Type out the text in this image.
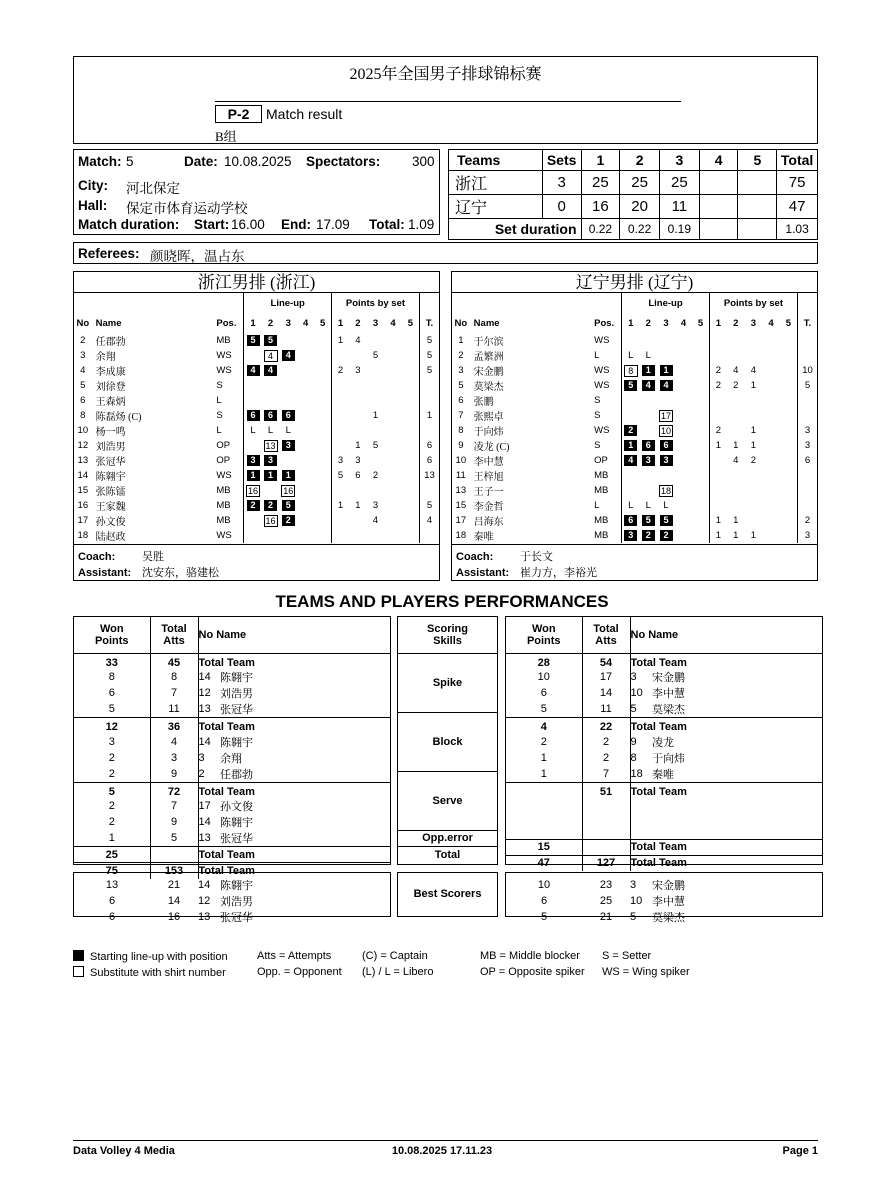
2025年全国男子排球锦标赛
P-2	Match result
B组
Match: 5	Date: 10.08.2025 Spectators: 300
City: 河北保定
Hall: 保定市体育运动学校
Match duration: Start: 16.00 End: 17.09 Total: 1.09
Teams	Sets	1	2	3	4	5	Total
浙江	3	25	25	25			75
辽宁	0	16	20	11			47
Set duration		0.22	0.22	0.19			1.03
Referees: 颜晓晖，温占东
浙江男排 (浙江)
			Line-up					Points by set					
No	Name	Pos.	1	2	3	4	5	1	2	3	4	5	T.
2	任郡勃	MB	5	5				1	4				5
3	余翔	WS		4	4					5			5
4	李成康	WS	4	4				2	3				5
5	刘徐登	S											
6	王森炳	L											
8	陈磊炀 (C)	S	6	6	6					1			1
10	杨一鸣	L	L	L	L								
12	刘浩男	OP		13	3				1	5			6
13	张冠华	OP	3	3				3	3				6
14	陈翱宇	WS	1	1	1			5	6	2			13
15	张陈镭	MB	16		16								
16	王家魏	MB	2	2	5			1	1	3			5
17	孙文俊	MB		16	2					4			4
18	陆赵政	WS											
Coach: 吴胜
Assistant: 沈安东，骆建松
辽宁男排 (辽宁)
			Line-up					Points by set					
No	Name	Pos.	1	2	3	4	5	1	2	3	4	5	T.
1	于尔滨	WS											
2	孟繁洲	L	L	L									
3	宋金鹏	WS	8	1	1			2	4	4			10
5	莫梁杰	WS	5	4	4			2	2	1			5
6	张鹏	S											
7	张熙卓	S			17								
8	于向炜	WS	2		10			2		1			3
9	凌龙 (C)	S	1	6	6			1	1	1			3
10	李中慧	OP	4	3	3				4	2			6
11	王梓旭	MB											
13	王子一	MB			18								
15	李金哲	L	L	L	L								
17	吕海东	MB	6	5	5			1	1				2
18	秦唯	MB	3	2	2			1	1	1			3
Coach: 于长文
Assistant: 崔力方，李裕光
TEAMS AND PLAYERS PERFORMANCES
Won Points	Total Atts	No Name	
33	45	Total Team	
8	8	14	陈翱宇
6	7	12	刘浩男
5	11	13	张冠华
12	36	Total Team	
3	4	14	陈翱宇
2	3	3	余翔
2	9	2	任郡勃
5	72	Total Team	
2	7	17	孙文俊
2	9	14	陈翱宇
1	5	13	张冠华
25		Total Team	
75	153	Total Team	
Scoring Skills
Spike
Block
Serve
Opp.error
Total
Won Points	Total Atts	No Name	
28	54	Total Team	
10	17	3	宋金鹏
6	14	10	李中慧
5	11	5	莫梁杰
4	22	Total Team	
2	2	9	凌龙
1	2	8	于向炜
1	7	18	秦唯
	51	Total Team	

15		Total Team	
47	127	Total Team	
13	21	14	陈翱宇
6	14	12	刘浩男
6	16	13	张冠华
Best Scorers
10	23	3	宋金鹏
6	25	10	李中慧
5	21	5	莫梁杰
Starting line-up with position
Substitute with shirt number
Atts = Attempts
Opp. = Opponent
(C) = Captain
(L) / L = Libero
MB = Middle blocker
OP = Opposite spiker
S = Setter
WS = Wing spiker
Data Volley 4 Media	10.08.2025 17.11.23	Page 1
